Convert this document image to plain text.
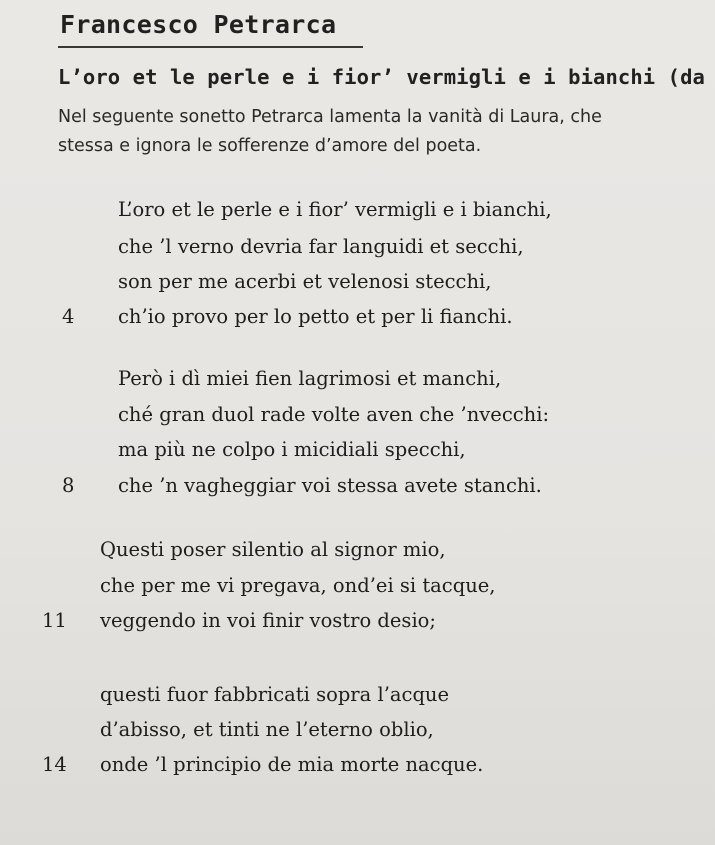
Francesco Petrarca
L’oro et le perle e i fior’ vermigli e i bianchi (da
Nel seguente sonetto Petrarca lamenta la vanità di Laura, che
stessa e ignora le sofferenze d’amore del poeta.
L’oro et le perle e i fior’ vermigli e i bianchi,
che ’l verno devria far languidi et secchi,
son per me acerbi et velenosi stecchi,
4 ch’io provo per lo petto et per li fianchi.
Però i dì miei fien lagrimosi et manchi,
ché gran duol rade volte aven che ’nvecchi:
ma più ne colpo i micidiali specchi,
8 che ’n vagheggiar voi stessa avete stanchi.
Questi poser silentio al signor mio,
che per me vi pregava, ond’ei si tacque,
11 veggendo in voi finir vostro desio;
questi fuor fabbricati sopra l’acque
d’abisso, et tinti ne l’eterno oblio,
14 onde ’l principio de mia morte nacque.
